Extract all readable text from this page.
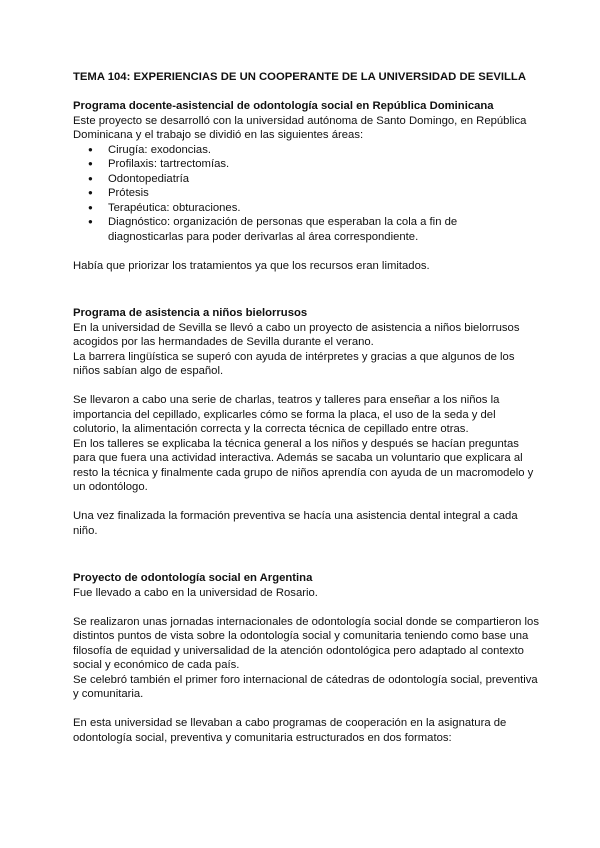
TEMA 104: EXPERIENCIAS DE UN COOPERANTE DE LA UNIVERSIDAD DE SEVILLA
Programa docente-asistencial de odontología social en República Dominicana

Este proyecto se desarrolló con la universidad autónoma de Santo Domingo, en República

Dominicana y el trabajo se dividió en las siguientes áreas:

● Cirugía: exodoncias.
● Profilaxis: tartrectomías.
● Odontopediatría
● Prótesis
● Terapéutica: obturaciones.
● Diagnóstico: organización de personas que esperaban la cola a fin de diagnosticarlas para poder derivarlas al área correspondiente.

Había que priorizar los tratamientos ya que los recursos eran limitados.

Programa de asistencia a niños bielorrusos

En la universidad de Sevilla se llevó a cabo un proyecto de asistencia a niños bielorrusos acogidos por las hermandades de Sevilla durante el verano.

La barrera lingüística se superó con ayuda de intérpretes y gracias a que algunos de los niños sabían algo de español.

Se llevaron a cabo una serie de charlas, teatros y talleres para enseñar a los niños la importancia del cepillado, explicarles cómo se forma la placa, el uso de la seda y del colutorio, la alimentación correcta y la correcta técnica de cepillado entre otras.

En los talleres se explicaba la técnica general a los niños y después se hacían preguntas para que fuera una actividad interactiva. Además se sacaba un voluntario que explicara al resto la técnica y finalmente cada grupo de niños aprendía con ayuda de un macromodelo y un odontólogo.

Una vez finalizada la formación preventiva se hacía una asistencia dental integral a cada niño.

Proyecto de odontología social en Argentina

Fue llevado a cabo en la universidad de Rosario.

Se realizaron unas jornadas internacionales de odontología social donde se compartieron los distintos puntos de vista sobre la odontología social y comunitaria teniendo como base una filosofía de equidad y universalidad de la atención odontológica pero adaptado al contexto social y económico de cada país.

Se celebró también el primer foro internacional de cátedras de odontología social, preventiva y comunitaria.

En esta universidad se llevaban a cabo programas de cooperación en la asignatura de odontología social, preventiva y comunitaria estructurados en dos formatos:
